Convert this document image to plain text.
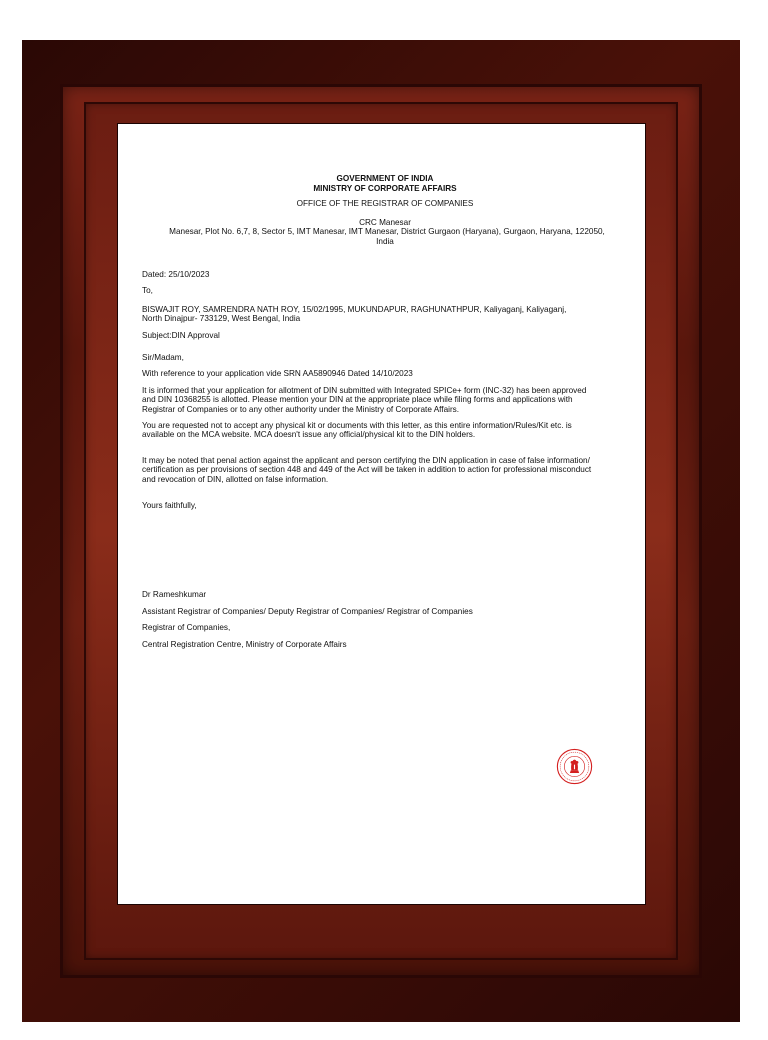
GOVERNMENT OF INDIA
MINISTRY OF CORPORATE AFFAIRS
OFFICE OF THE REGISTRAR OF COMPANIES
CRC Manesar
Manesar, Plot No. 6,7, 8, Sector 5, IMT Manesar, IMT Manesar, District Gurgaon (Haryana), Gurgaon, Haryana, 122050,
India

Dated: 25/10/2023

To,

BISWAJIT ROY, SAMRENDRA NATH ROY, 15/02/1995, MUKUNDAPUR, RAGHUNATHPUR, Kaliyaganj, Kaliyaganj,

North Dinajpur- 733129, West Bengal, India

Subject:DIN Approval

Sir/Madam,

With reference to your application vide SRN AA5890946 Dated 14/10/2023

It is informed that your application for allotment of DIN submitted with Integrated SPICe+ form (INC-32) has been approved

and DIN 10368255 is allotted. Please mention your DIN at the appropriate place while filing forms and applications with

Registrar of Companies or to any other authority under the Ministry of Corporate Affairs.

You are requested not to accept any physical kit or documents with this letter, as this entire information/Rules/Kit etc. is

available on the MCA website. MCA doesn't issue any official/physical kit to the DIN holders.

It may be noted that penal action against the applicant and person certifying the DIN application in case of false information/

certification as per provisions of section 448 and 449 of the Act will be taken in addition to action for professional misconduct

and revocation of DIN, allotted on false information.

Yours faithfully,

Dr Rameshkumar

Assistant Registrar of Companies/ Deputy Registrar of Companies/ Registrar of Companies

Registrar of Companies,

Central Registration Centre, Ministry of Corporate Affairs
